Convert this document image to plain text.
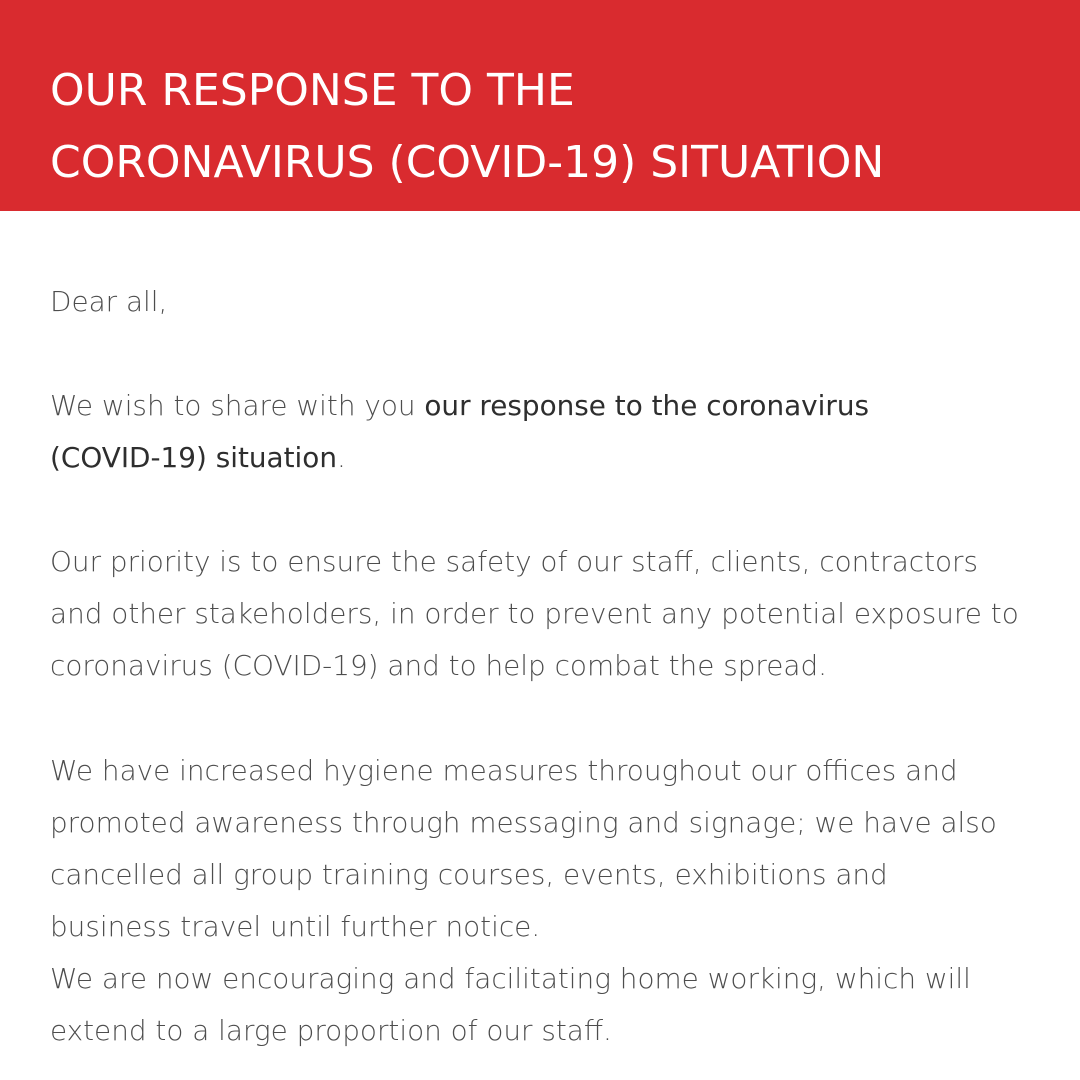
OUR RESPONSE TO THE
CORONAVIRUS (COVID-19) SITUATION
Dear all,
We wish to share with you our response to the coronavirus
(COVID-19) situation.
Our priority is to ensure the safety of our staff, clients, contractors
and other stakeholders, in order to prevent any potential exposure to
coronavirus (COVID-19) and to help combat the spread.
We have increased hygiene measures throughout our offices and
promoted awareness through messaging and signage; we have also
cancelled all group training courses, events, exhibitions and
business travel until further notice.
We are now encouraging and facilitating home working, which will
extend to a large proportion of our staff.
